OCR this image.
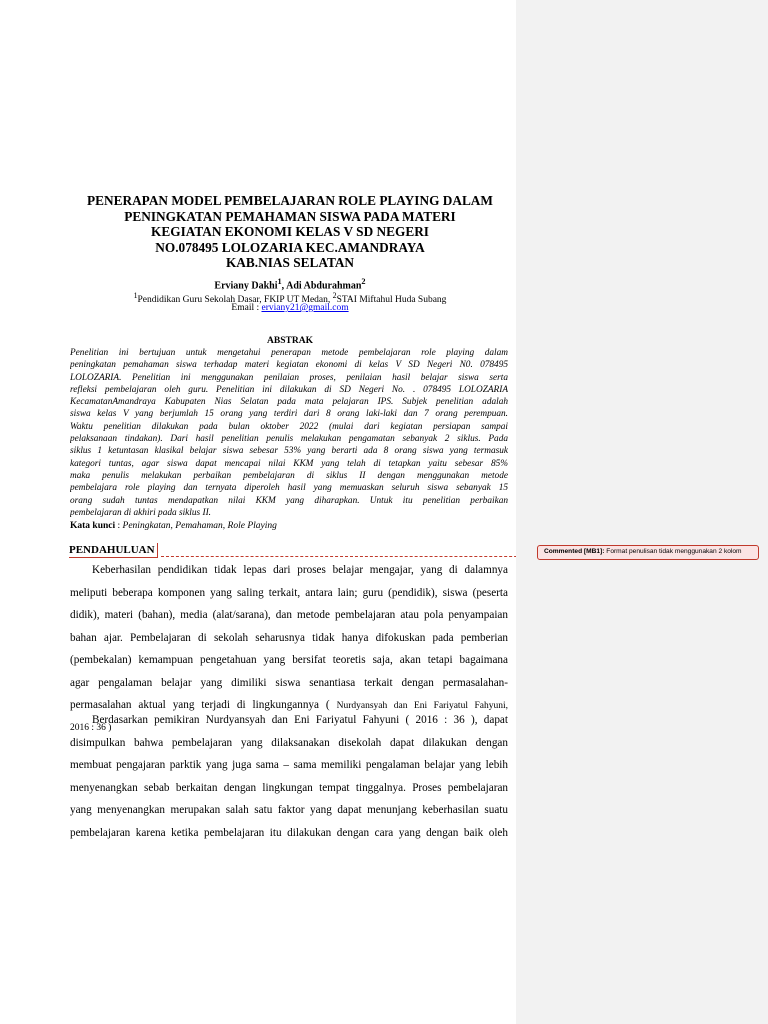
PENERAPAN MODEL PEMBELAJARAN ROLE PLAYING DALAM
PENINGKATAN PEMAHAMAN SISWA PADA MATERI
KEGIATAN EKONOMI KELAS V SD NEGERI
NO.078495 LOLOZARIA KEC.AMANDRAYA
KAB.NIAS SELATAN
Erviany Dakhi$^1$, Adi Abdurahman$^2$
$^1$Pendidikan Guru Sekolah Dasar, FKIP UT Medan, $^2$STAI Miftahul Huda Subang
Email : erviany21@gmail.com
ABSTRAK
Penelitian ini bertujuan untuk mengetahui penerapan metode pembelajaran role playing dalam
peningkatan pemahaman siswa terhadap materi kegiatan ekonomi di kelas V SD Negeri N0. 078495
LOLOZARIA. Penelitian ini menggunakan penilaian proses, penilaian hasil belajar siswa serta
refleksi pembelajaran oleh guru. Penelitian ini dilakukan di SD Negeri No. . 078495 LOLOZARIA
KecamatanAmandraya Kabupaten Nias Selatan pada mata pelajaran IPS. Subjek penelitian adalah
siswa kelas V yang berjumlah 15 orang yang terdiri dari 8 orang laki-laki dan 7 orang perempuan.
Waktu penelitian dilakukan pada bulan oktober 2022 (mulai dari kegiatan persiapan sampai
pelaksanaan tindakan). Dari hasil penelitian penulis melakukan pengamatan sebanyak 2 siklus. Pada
siklus 1 ketuntasan klasikal belajar siswa sebesar 53% yang berarti ada 8 orang siswa yang termasuk
kategori tuntas, agar siswa dapat mencapai nilai KKM yang telah di tetapkan yaitu sebesar 85%
maka penulis melakukan perbaikan pembelajaran di siklus II dengan menggunakan metode
pembelajara role playing dan ternyata diperoleh hasil yang memuaskan seluruh siswa sebanyak 15
orang sudah tuntas mendapatkan nilai KKM yang diharapkan. Untuk itu penelitian perbaikan
pembelajaran di akhiri pada siklus II.
Kata kunci : Peningkatan, Pemahaman, Role Playing
PENDAHULUAN
Keberhasilan pendidikan tidak lepas dari proses belajar mengajar, yang di dalamnya
meliputi beberapa komponen yang saling terkait, antara lain; guru (pendidik), siswa (peserta
didik), materi (bahan), media (alat/sarana), dan metode pembelajaran atau pola penyampaian
bahan ajar. Pembelajaran di sekolah seharusnya tidak hanya difokuskan pada pemberian
(pembekalan) kemampuan pengetahuan yang bersifat teoretis saja, akan tetapi bagaimana
agar pengalaman belajar yang dimiliki siswa senantiasa terkait dengan permasalahan-
permasalahan aktual yang terjadi di lingkungannya ( Nurdyansyah dan Eni Fariyatul Fahyuni,
2016 : 36 )
Berdasarkan pemikiran Nurdyansyah dan Eni Fariyatul Fahyuni ( 2016 : 36 ), dapat
disimpulkan bahwa pembelajaran yang dilaksanakan disekolah dapat dilakukan dengan
membuat pengajaran parktik yang juga sama – sama memiliki pengalaman belajar yang lebih
menyenangkan sebab berkaitan dengan lingkungan tempat tinggalnya. Proses pembelajaran
yang menyenangkan merupakan salah satu faktor yang dapat menunjang keberhasilan suatu
pembelajaran karena ketika pembelajaran itu dilakukan dengan cara yang dengan baik oleh
Commented [MB1]: Format penulisan tidak menggunakan 2 kolom
